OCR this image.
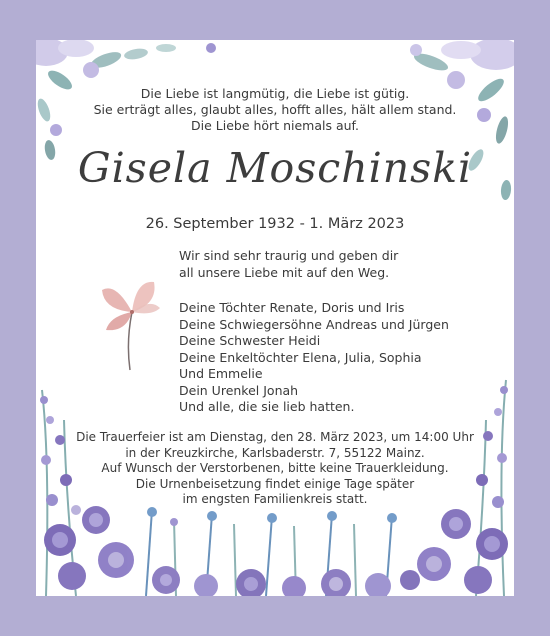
Die Liebe ist langmütig, die Liebe ist gütig.
Sie erträgt alles, glaubt alles, hofft alles, hält allem stand.
Die Liebe hört niemals auf.
Gisela Moschinski
26. September 1932 - 1. März 2023
Wir sind sehr traurig und geben dir
all unsere Liebe mit auf den Weg.
Deine Töchter Renate, Doris und Iris
Deine Schwiegersöhne Andreas und Jürgen
Deine Schwester Heidi
Deine Enkeltöchter Elena, Julia, Sophia
Und Emmelie
Dein Urenkel Jonah
Und alle, die sie lieb hatten.
Die Trauerfeier ist am Dienstag, den 28. März 2023, um 14:00 Uhr
in der Kreuzkirche, Karlsbaderstr. 7, 55122 Mainz.
Auf Wunsch der Verstorbenen, bitte keine Trauerkleidung.
Die Urnenbeisetzung findet einige Tage später
im engsten Familienkreis statt.
